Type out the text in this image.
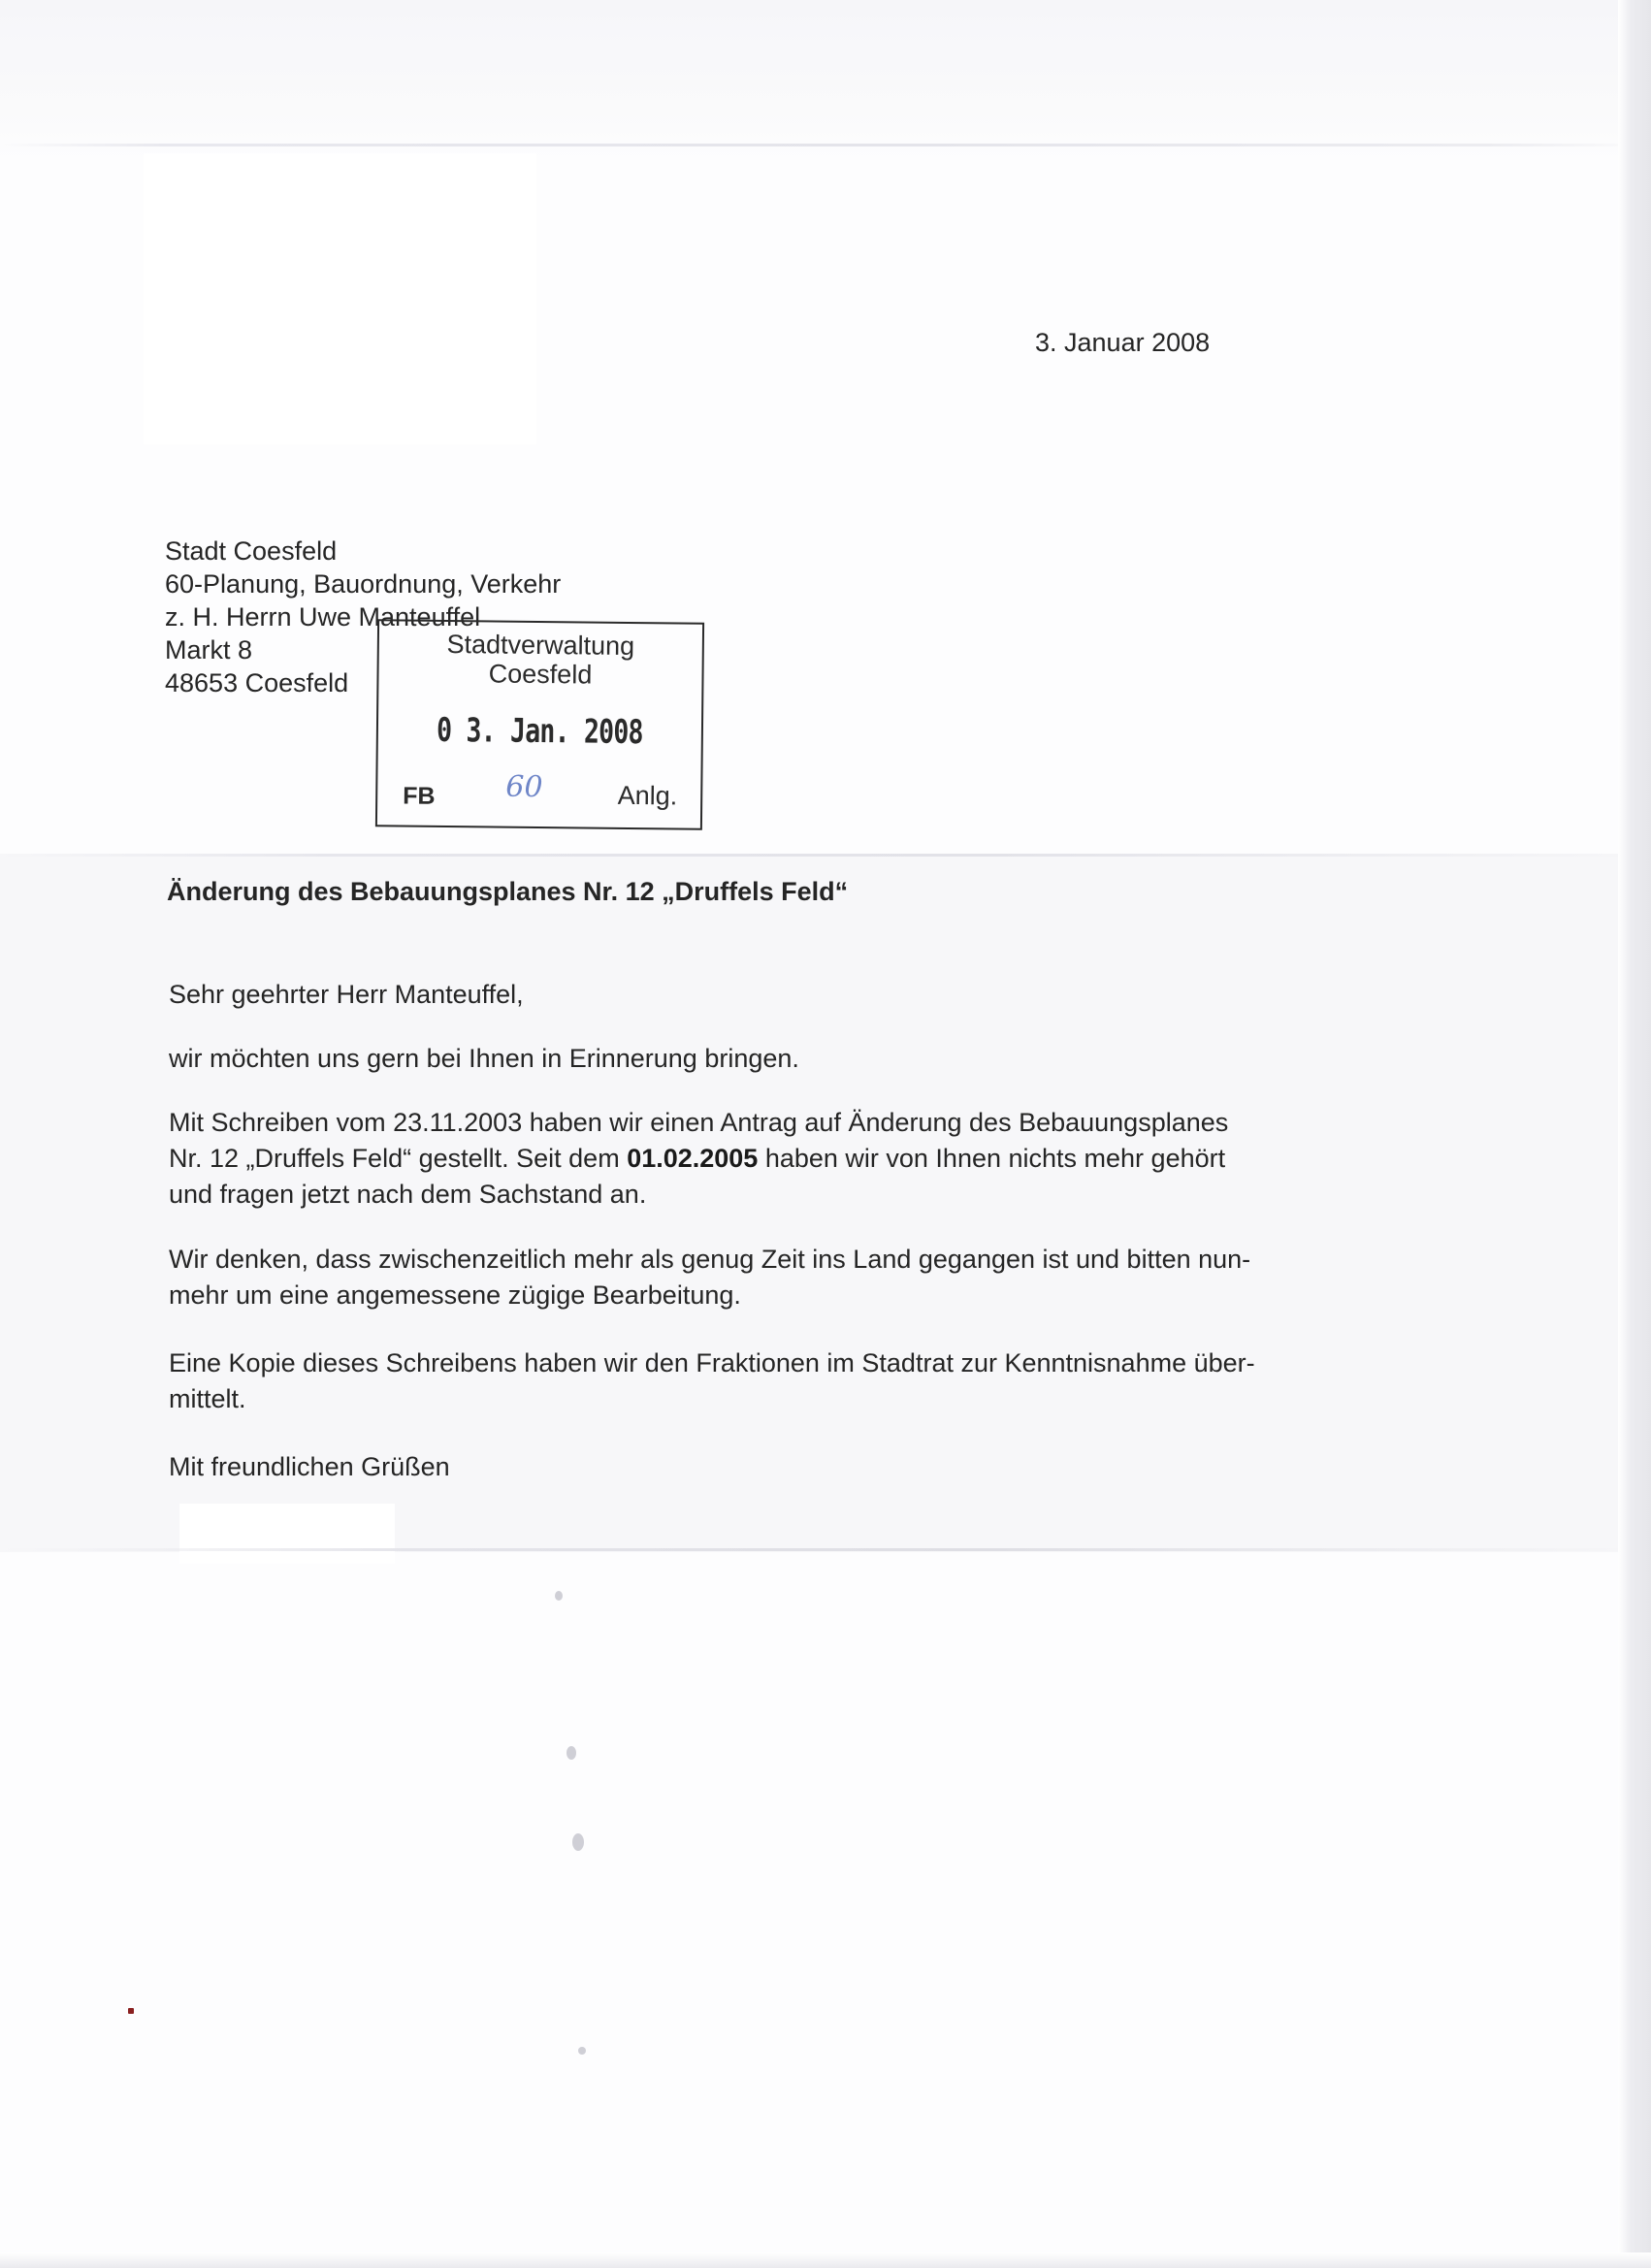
3. Januar 2008
Stadt Coesfeld
60-Planung, Bauordnung, Verkehr
z. H. Herrn Uwe Manteuffel
Markt 8
48653 Coesfeld
Stadtverwaltung
Coesfeld
0 3. Jan. 2008
FB 60	Anlg.
Änderung des Bebauungsplanes Nr. 12 „Druffels Feld“
Sehr geehrter Herr Manteuffel,
wir möchten uns gern bei Ihnen in Erinnerung bringen.
Mit Schreiben vom 23.11.2003 haben wir einen Antrag auf Änderung des Bebauungsplanes
Nr. 12 „Druffels Feld“ gestellt. Seit dem 01.02.2005 haben wir von Ihnen nichts mehr gehört
und fragen jetzt nach dem Sachstand an.
Wir denken, dass zwischenzeitlich mehr als genug Zeit ins Land gegangen ist und bitten nun-
mehr um eine angemessene zügige Bearbeitung.
Eine Kopie dieses Schreibens haben wir den Fraktionen im Stadtrat zur Kenntnisnahme über-
mittelt.
Mit freundlichen Grüßen
